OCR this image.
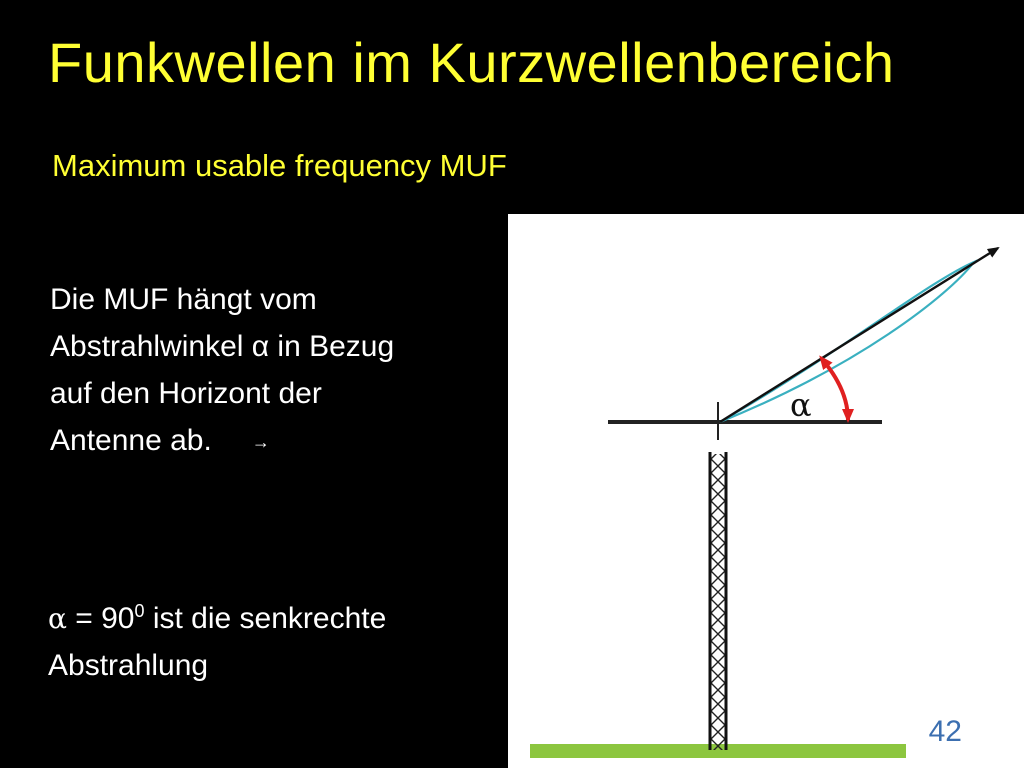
Funkwellen im Kurzwellenbereich
Maximum usable frequency MUF
Die MUF hängt vom
Abstrahlwinkel α in Bezug
auf den Horizont der
Antenne ab. →
$\alpha = 90^0$ ist die senkrechte
Abstrahlung
α
42
